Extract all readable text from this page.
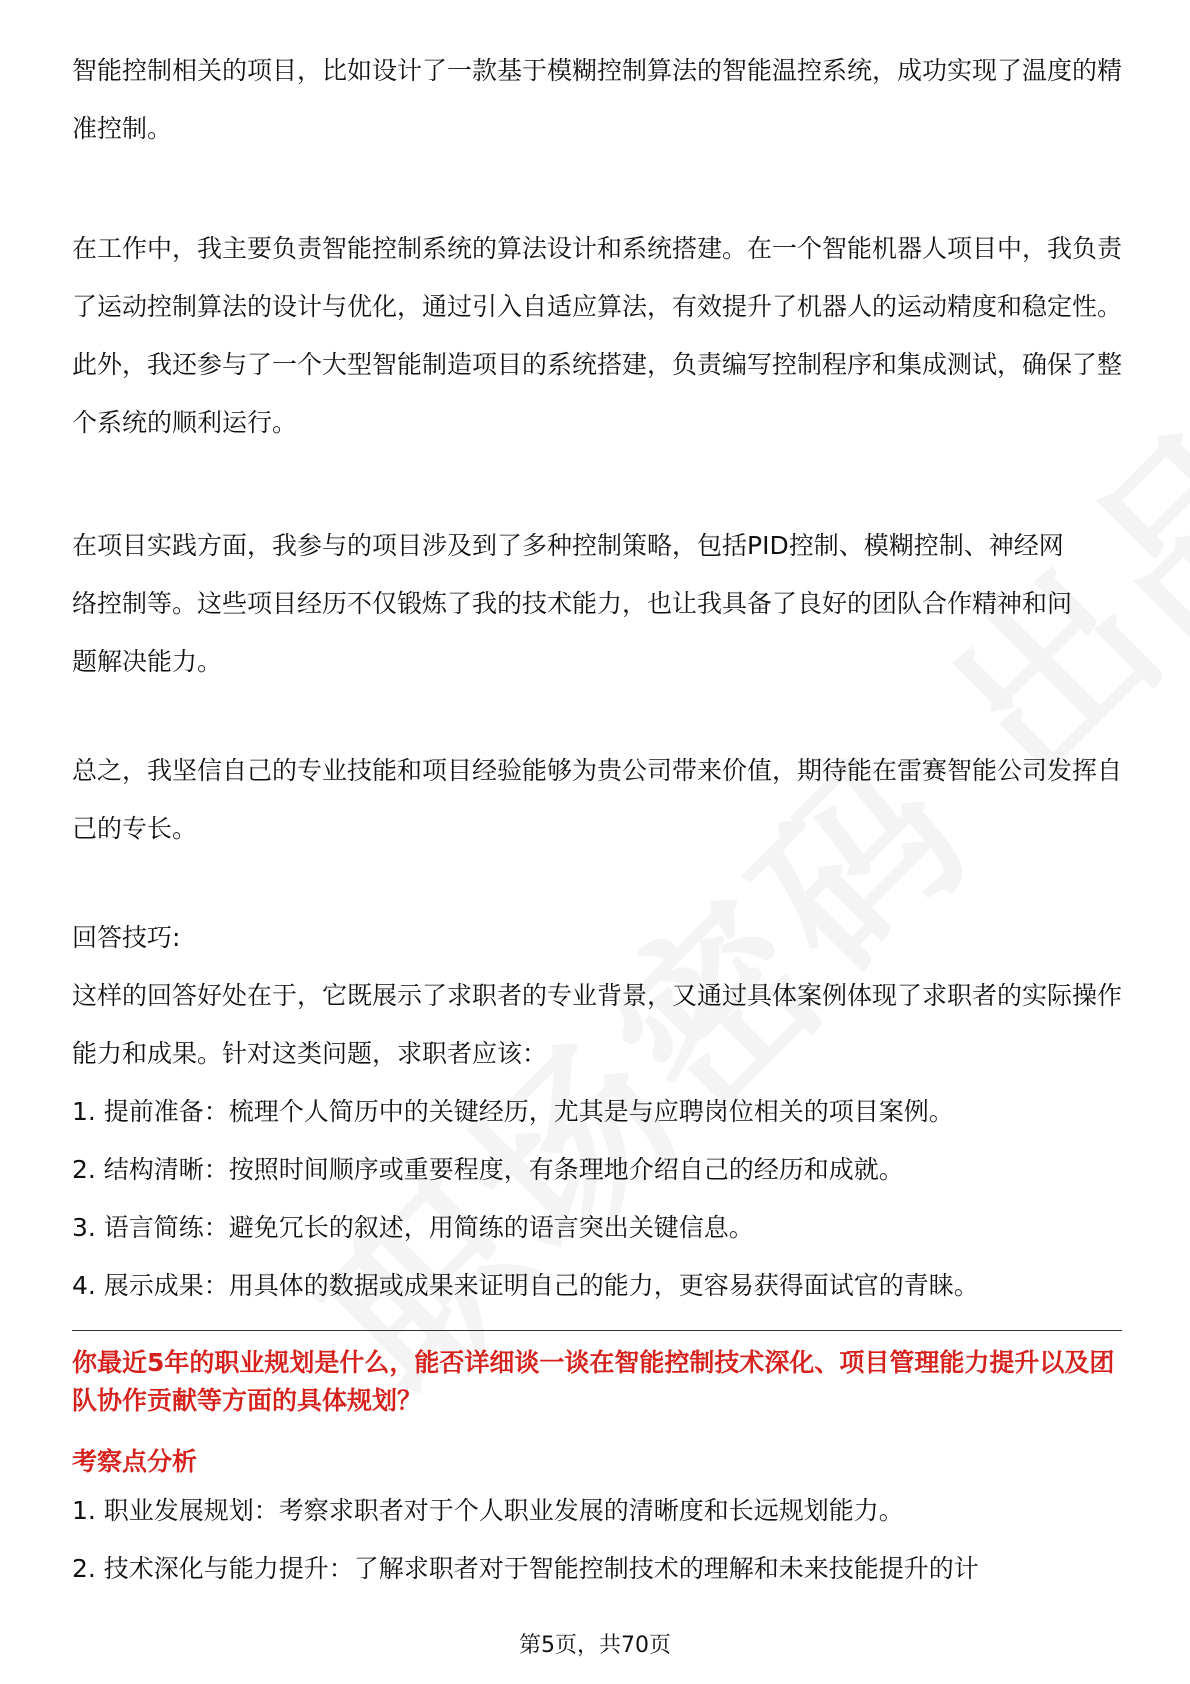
智能控制相关的项目，比如设计了一款基于模糊控制算法的智能温控系统，成功实现了温度的精准控制。

在工作中，我主要负责智能控制系统的算法设计和系统搭建。在一个智能机器人项目中，我负责了运动控制算法的设计与优化，通过引入自适应算法，有效提升了机器人的运动精度和稳定性。此外，我还参与了一个大型智能制造项目的系统搭建，负责编写控制程序和集成测试，确保了整个系统的顺利运行。

在项目实践方面，我参与的项目涉及到了多种控制策略，包括PID控制、模糊控制、神经网络控制等。这些项目经历不仅锻炼了我的技术能力，也让我具备了良好的团队合作精神和问题解决能力。

总之，我坚信自己的专业技能和项目经验能够为贵公司带来价值，期待能在雷赛智能公司发挥自己的专长。

回答技巧:
这样的回答好处在于，它既展示了求职者的专业背景，又通过具体案例体现了求职者的实际操作能力和成果。针对这类问题，求职者应该：
1. 提前准备：梳理个人简历中的关键经历，尤其是与应聘岗位相关的项目案例。
2. 结构清晰：按照时间顺序或重要程度，有条理地介绍自己的经历和成就。
3. 语言简练：避免冗长的叙述，用简练的语言突出关键信息。
4. 展示成果：用具体的数据或成果来证明自己的能力，更容易获得面试官的青睐。
你最近5年的职业规划是什么，能否详细谈一谈在智能控制技术深化、项目管理能力提升以及团队协作贡献等方面的具体规划？
考察点分析
1. 职业发展规划：考察求职者对于个人职业发展的清晰度和长远规划能力。
2. 技术深化与能力提升：了解求职者对于智能控制技术的理解和未来技能提升的计
第5页，共70页
